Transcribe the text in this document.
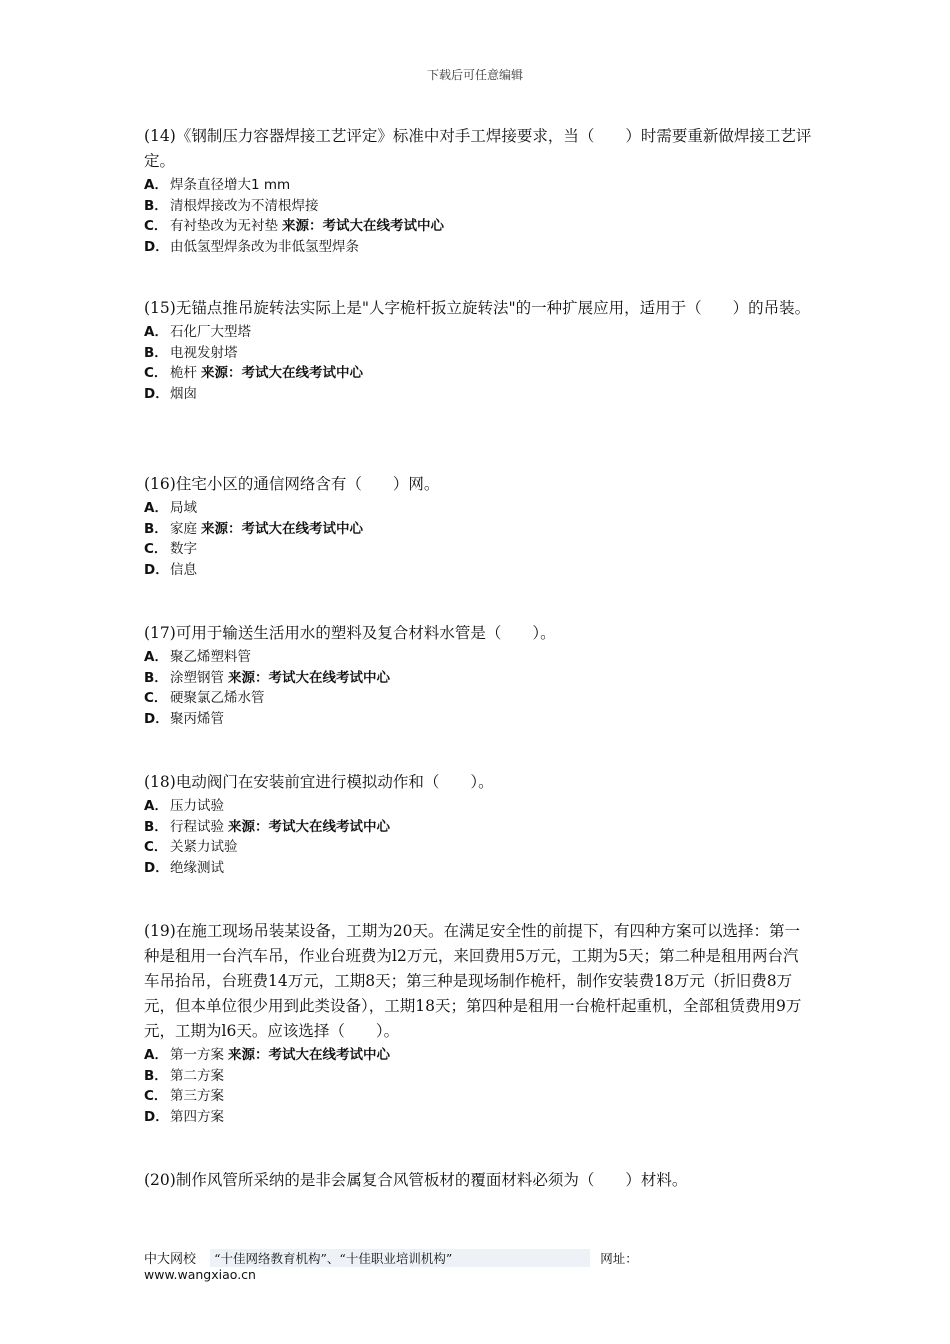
下载后可任意编辑

(14)《钢制压力容器焊接工艺评定》标准中对手工焊接要求，当（　　）时需要重新做焊接工艺评定。

A． 焊条直径增大1 mm

B． 清根焊接改为不清根焊接

C． 有衬垫改为无衬垫 来源：考试大在线考试中心

D．由低氢型焊条改为非低氢型焊条

(15)无锚点推吊旋转法实际上是"人字桅杆扳立旋转法"的一种扩展应用，适用于（　　）的吊装。

A． 石化厂大型塔

B． 电视发射塔

C． 桅杆 来源：考试大在线考试中心

D．烟囱

(16)住宅小区的通信网络含有（　　）网。

A． 局域

B． 家庭 来源：考试大在线考试中心

C． 数字

D．信息

(17)可用于输送生活用水的塑料及复合材料水管是（　　）。

A． 聚乙烯塑料管

B． 涂塑钢管 来源：考试大在线考试中心

C． 硬聚氯乙烯水管

D．聚丙烯管

(18)电动阀门在安装前宜进行模拟动作和（　　）。

A． 压力试验

B． 行程试验 来源：考试大在线考试中心

C． 关紧力试验

D．绝缘测试

(19)在施工现场吊装某设备，工期为20天。在满足安全性的前提下，有四种方案可以选择：第一种是租用一台汽车吊，作业台班费为l2万元，来回费用5万元，工期为5天；第二种是租用两台汽车吊抬吊，台班费14万元，工期8天；第三种是现场制作桅杆，制作安装费18万元（折旧费8万元，但本单位很少用到此类设备），工期18天；第四种是租用一台桅杆起重机，全部租赁费用9万元，工期为l6天。应该选择（　　）。

A． 第一方案 来源：考试大在线考试中心

B． 第二方案

C． 第三方案

D．第四方案

(20)制作风管所采纳的是非会属复合风管板材的覆面材料必须为（　　）材料。

中大网校 “十佳网络教育机构”、“十佳职业培训机构”	网址：www.wangxiao.cn
